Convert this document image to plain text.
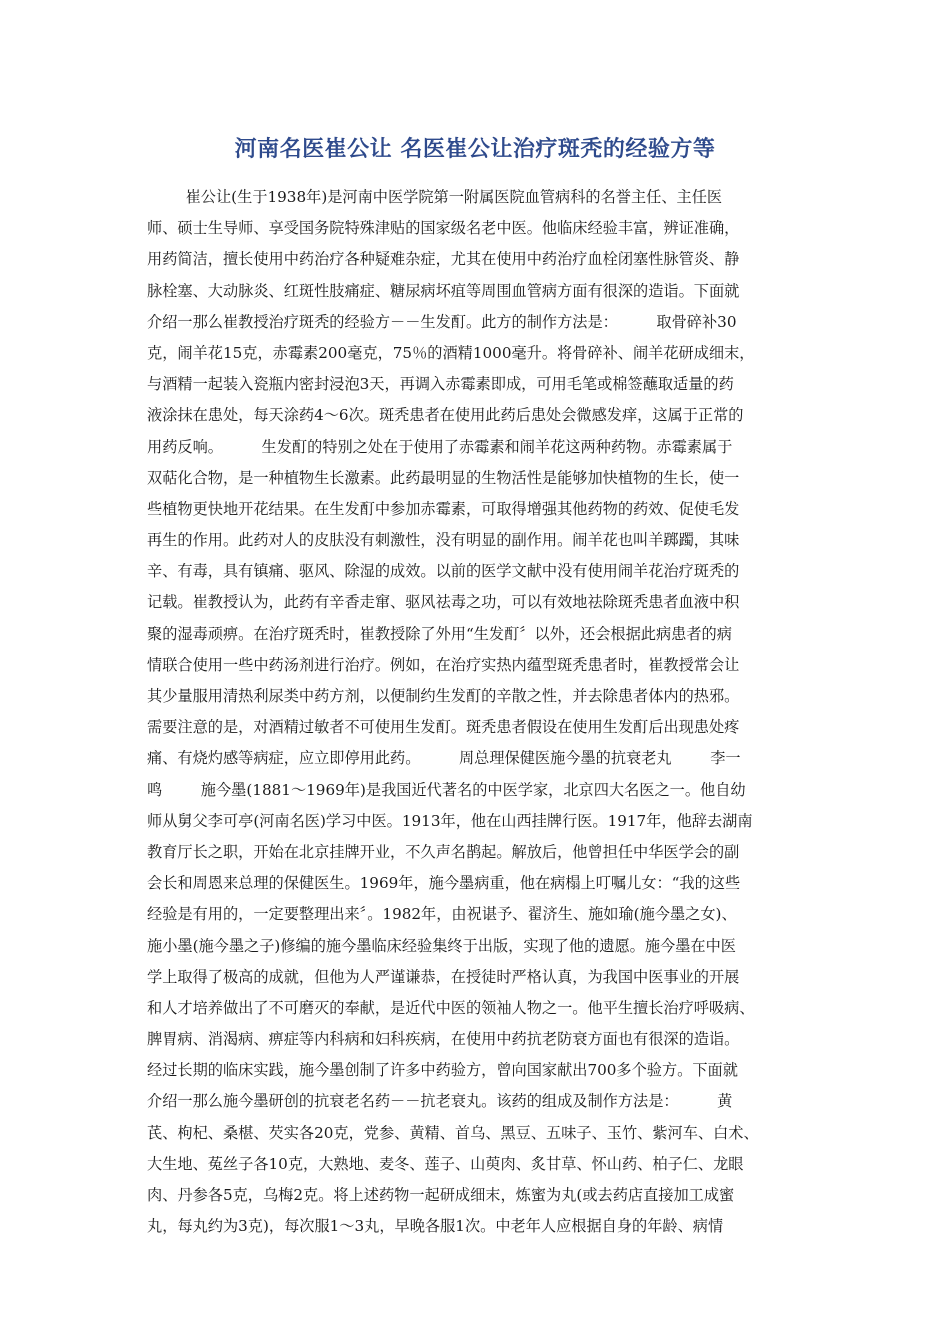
河南名医崔公让 名医崔公让治疗斑秃的经验方等
崔公让(生于1938年)是河南中医学院第一附属医院血管病科的名誉主任、主任医
师、硕士生导师、享受国务院特殊津贴的国家级名老中医。他临床经验丰富，辨证准确，
用药简洁，擅长使用中药治疗各种疑难杂症，尤其在使用中药治疗血栓闭塞性脉管炎、静
脉栓塞、大动脉炎、红斑性肢痛症、糖尿病坏疽等周围血管病方面有很深的造诣。下面就
介绍一那么崔教授治疗斑秃的经验方－－生发酊。此方的制作方法是：        取骨碎补30
克，闹羊花15克，赤霉素200毫克，75％的酒精1000毫升。将骨碎补、闹羊花研成细末，
与酒精一起装入瓷瓶内密封浸泡3天，再调入赤霉素即成，可用毛笔或棉签蘸取适量的药
液涂抹在患处，每天涂药4～6次。斑秃患者在使用此药后患处会微感发痒，这属于正常的
用药反响。        生发酊的特别之处在于使用了赤霉素和闹羊花这两种药物。赤霉素属于
双萜化合物，是一种植物生长激素。此药最明显的生物活性是能够加快植物的生长，使一
些植物更快地开花结果。在生发酊中参加赤霉素，可取得增强其他药物的药效、促使毛发
再生的作用。此药对人的皮肤没有刺激性，没有明显的副作用。闹羊花也叫羊踯躅，其味
辛、有毒，具有镇痛、驱风、除湿的成效。以前的医学文献中没有使用闹羊花治疗斑秃的
记载。崔教授认为，此药有辛香走窜、驱风祛毒之功，可以有效地祛除斑秃患者血液中积
聚的湿毒顽痹。在治疗斑秃时，崔教授除了外用“生发酊〞以外，还会根据此病患者的病
情联合使用一些中药汤剂进行治疗。例如，在治疗实热内蕴型斑秃患者时，崔教授常会让
其少量服用清热利尿类中药方剂，以便制约生发酊的辛散之性，并去除患者体内的热邪。
需要注意的是，对酒精过敏者不可使用生发酊。斑秃患者假设在使用生发酊后出现患处疼
痛、有烧灼感等病症，应立即停用此药。        周总理保健医施今墨的抗衰老丸        李一
鸣        施今墨(1881～1969年)是我国近代著名的中医学家，北京四大名医之一。他自幼
师从舅父李可亭(河南名医)学习中医。1913年，他在山西挂牌行医。1917年，他辞去湖南
教育厅长之职，开始在北京挂牌开业，不久声名鹊起。解放后，他曾担任中华医学会的副
会长和周恩来总理的保健医生。1969年，施今墨病重，他在病榻上叮嘱儿女：“我的这些
经验是有用的，一定要整理出来〞。1982年，由祝谌予、翟济生、施如瑜(施今墨之女)、
施小墨(施今墨之子)修编的施今墨临床经验集终于出版，实现了他的遗愿。施今墨在中医
学上取得了极高的成就，但他为人严谨谦恭，在授徒时严格认真，为我国中医事业的开展
和人才培养做出了不可磨灭的奉献，是近代中医的领袖人物之一。他平生擅长治疗呼吸病、
脾胃病、消渴病、痹症等内科病和妇科疾病，在使用中药抗老防衰方面也有很深的造诣。
经过长期的临床实践，施今墨创制了许多中药验方，曾向国家献出700多个验方。下面就
介绍一那么施今墨研创的抗衰老名药－－抗老衰丸。该药的组成及制作方法是：        黄
芪、枸杞、桑椹、芡实各20克，党参、黄精、首乌、黑豆、五味子、玉竹、紫河车、白术、
大生地、菟丝子各10克，大熟地、麦冬、莲子、山萸肉、炙甘草、怀山药、柏子仁、龙眼
肉、丹参各5克，乌梅2克。将上述药物一起研成细末，炼蜜为丸(或去药店直接加工成蜜
丸，每丸约为3克)，每次服1～3丸，早晚各服1次。中老年人应根据自身的年龄、病情
